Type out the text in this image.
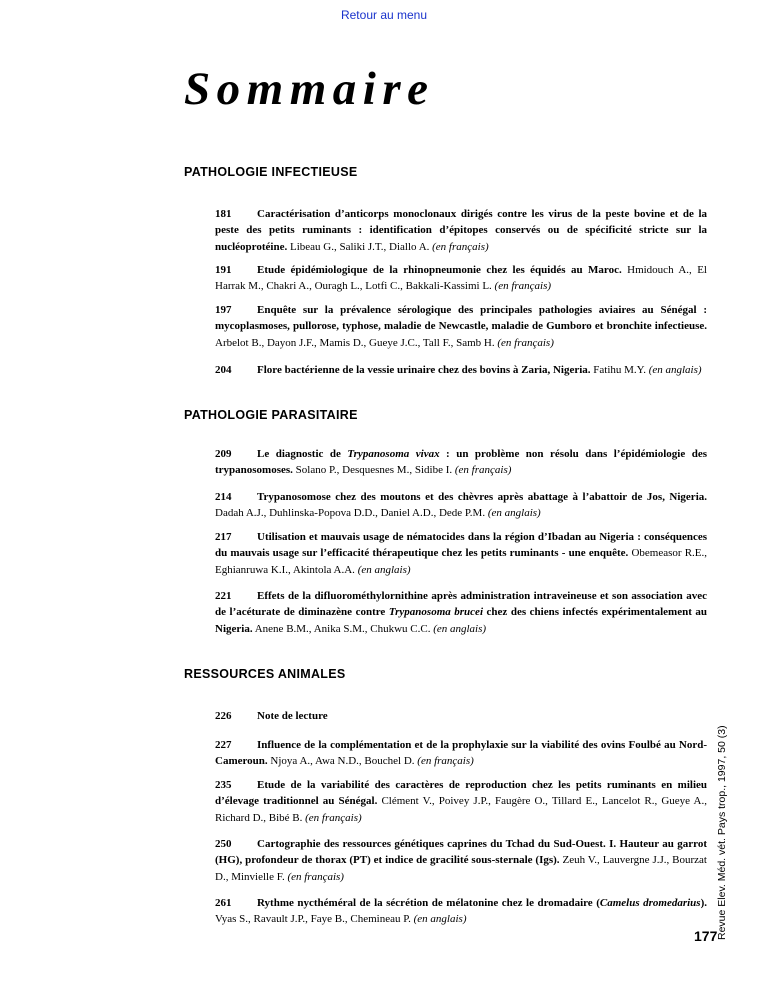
Retour au menu
Sommaire
PATHOLOGIE INFECTIEUSE

181 Caractérisation d’anticorps monoclonaux dirigés contre les virus de la peste bovine et de la peste des petits ruminants : identification d’épitopes conservés ou de spécificité stricte sur la nucléoprotéine. Libeau G., Saliki J.T., Diallo A. (en français)

191 Etude épidémiologique de la rhinopneumonie chez les équidés au Maroc. Hmidouch A., El Harrak M., Chakri A., Ouragh L., Lotfi C., Bakkali-Kassimi L. (en français)

197 Enquête sur la prévalence sérologique des principales pathologies aviaires au Sénégal : mycoplasmoses, pullorose, typhose, maladie de Newcastle, maladie de Gumboro et bronchite infectieuse. Arbelot B., Dayon J.F., Mamis D., Gueye J.C., Tall F., Samb H. (en français)

204 Flore bactérienne de la vessie urinaire chez des bovins à Zaria, Nigeria. Fatihu M.Y. (en anglais)

PATHOLOGIE PARASITAIRE

209 Le diagnostic de Trypanosoma vivax : un problème non résolu dans l’épidémiologie des trypanosomoses. Solano P., Desquesnes M., Sidibe I. (en français)

214 Trypanosomose chez des moutons et des chèvres après abattage à l’abattoir de Jos, Nigeria. Dadah A.J., Duhlinska-Popova D.D., Daniel A.D., Dede P.M. (en anglais)

217 Utilisation et mauvais usage de nématocides dans la région d’Ibadan au Nigeria : conséquences du mauvais usage sur l’efficacité thérapeutique chez les petits ruminants - une enquête. Obemeasor R.E., Eghianruwa K.I., Akintola A.A. (en anglais)

221 Effets de la difluorométhylornithine après administration intraveineuse et son association avec de l’acéturate de diminazène contre Trypanosoma brucei chez des chiens infectés expérimentalement au Nigeria. Anene B.M., Anika S.M., Chukwu C.C. (en anglais)

RESSOURCES ANIMALES

226 Note de lecture

227 Influence de la complémentation et de la prophylaxie sur la viabilité des ovins Foulbé au Nord-Cameroun. Njoya A., Awa N.D., Bouchel D. (en français)

235 Etude de la variabilité des caractères de reproduction chez les petits ruminants en milieu d’élevage traditionnel au Sénégal. Clément V., Poivey J.P., Faugère O., Tillard E., Lancelot R., Gueye A., Richard D., Bibé B. (en français)

250 Cartographie des ressources génétiques caprines du Tchad du Sud-Ouest. I. Hauteur au garrot (HG), profondeur de thorax (PT) et indice de gracilité sous-sternale (Igs). Zeuh V., Lauvergne J.J., Bourzat D., Minvielle F. (en français)

261 Rythme nycthéméral de la sécrétion de mélatonine chez le dromadaire (Camelus dromedarius). Vyas S., Ravault J.P., Faye B., Chemineau P. (en anglais)	Revue Elev. Méd. vét. Pays trop., 1997, 50 (3)
177
